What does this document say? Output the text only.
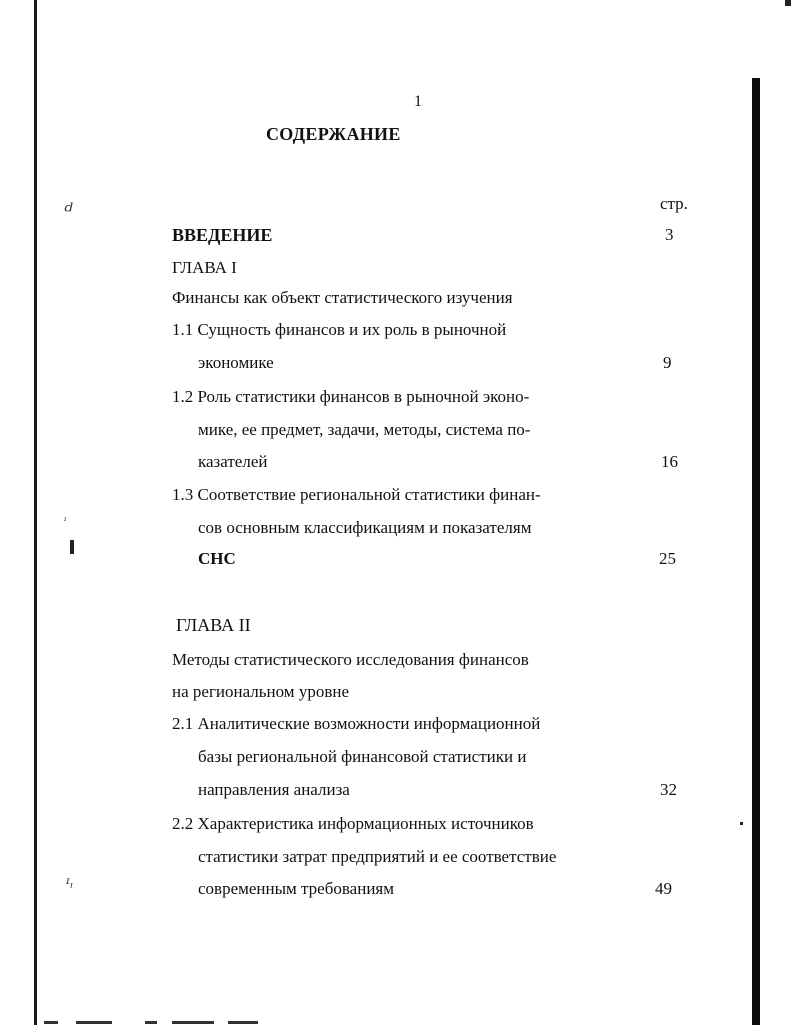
ᵈ
ᶦ ᶦ
ᶦ
1
СОДЕРЖАНИЕ
стр.
ВВЕДЕНИЕ	3
ГЛАВА I
Финансы как объект статистического изучения
1.1 Сущность финансов и их роль в рыночной
экономике	9
1.2 Роль статистики финансов в рыночной эконо-
мике, ее предмет, задачи, методы, система по-
казателей	16
1.3 Соответствие региональной статистики финан-
сов основным классификациям и показателям
СНС	25
ГЛАВА II
Методы статистического исследования финансов
на региональном уровне
2.1 Аналитические возможности информационной
базы региональной финансовой статистики и
направления анализа	32
2.2 Характеристика информационных источников
статистики затрат предприятий и ее соответствие
современным требованиям	49
